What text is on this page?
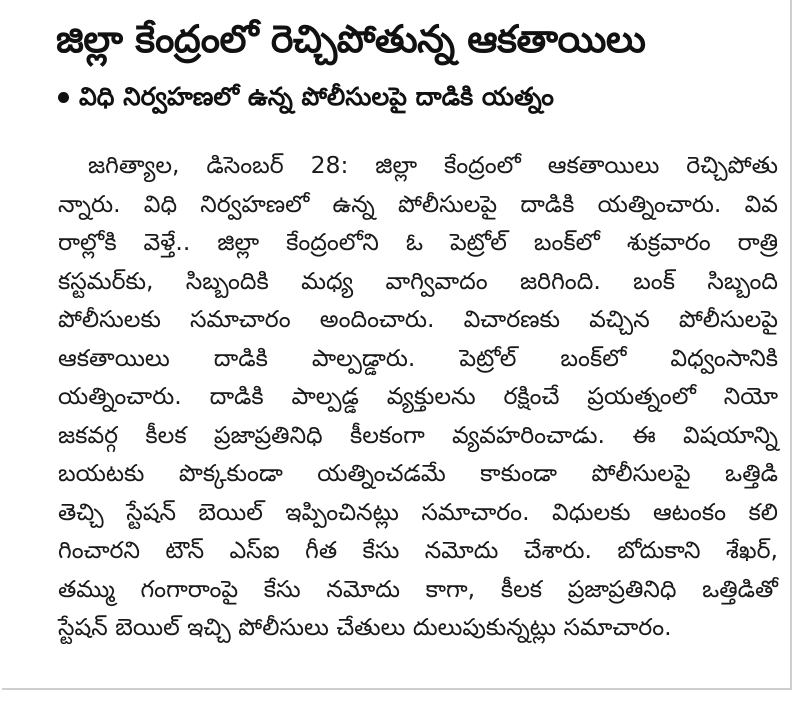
జిల్లా కేంద్రంలో రెచ్చిపోతున్న ఆకతాయిలు
విధి నిర్వహణలో ఉన్న పోలీసులపై దాడికి యత్నం
జగిత్యాల, డిసెంబర్ 28: జిల్లా కేంద్రంలో ఆకతాయిలు రెచ్చిపోతు
న్నారు. విధి నిర్వహణలో ఉన్న పోలీసులపై దాడికి యత్నించారు. వివ
రాల్లోకి వెళ్తే.. జిల్లా కేంద్రంలోని ఓ పెట్రోల్ బంక్‌లో శుక్రవారం రాత్రి
కస్టమర్‌కు, సిబ్బందికి మధ్య వాగ్వివాదం జరిగింది. బంక్ సిబ్బంది
పోలీసులకు సమాచారం అందించారు. విచారణకు వచ్చిన పోలీసులపై
ఆకతాయిలు దాడికి పాల్పడ్డారు. పెట్రోల్ బంక్‌లో విధ్వంసానికి
యత్నించారు. దాడికి పాల్పడ్డ వ్యక్తులను రక్షించే ప్రయత్నంలో నియో
జకవర్గ కీలక ప్రజాప్రతినిధి కీలకంగా వ్యవహరించాడు. ఈ విషయాన్ని
బయటకు పొక్కకుండా యత్నించడమే కాకుండా పోలీసులపై ఒత్తిడి
తెచ్చి స్టేషన్ బెయిల్ ఇప్పించినట్లు సమాచారం. విధులకు ఆటంకం కలి
గించారని టౌన్ ఎస్ఐ గీత కేసు నమోదు చేశారు. బోదుకాని శేఖర్,
తమ్ము గంగారాంపై కేసు నమోదు కాగా, కీలక ప్రజాప్రతినిధి ఒత్తిడితో
స్టేషన్ బెయిల్ ఇచ్చి పోలీసులు చేతులు దులుపుకున్నట్లు సమాచారం.
